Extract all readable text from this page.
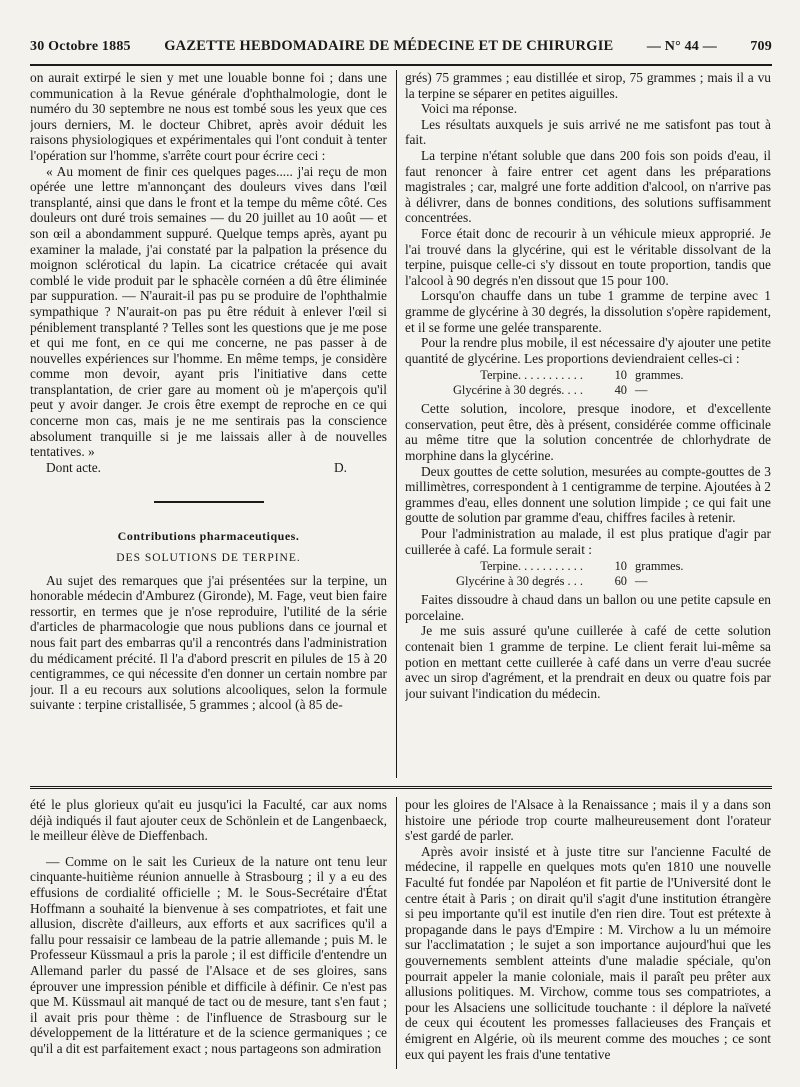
30 Octobre 1885 GAZETTE HEBDOMADAIRE DE MÉDECINE ET DE CHIRURGIE — N° 44 — 709

on aurait extirpé le sien y met une louable bonne foi ; dans une communication à la Revue générale d'ophthalmologie, dont le numéro du 30 septembre ne nous est tombé sous les yeux que ces jours derniers, M. le docteur Chibret, après avoir déduit les raisons physiologiques et expérimentales qui l'ont conduit à tenter l'opération sur l'homme, s'arrête court pour écrire ceci :

« Au moment de finir ces quelques pages..... j'ai reçu de mon opérée une lettre m'annonçant des douleurs vives dans l'œil transplanté, ainsi que dans le front et la tempe du même côté. Ces douleurs ont duré trois semaines — du 20 juillet au 10 août — et son œil a abondamment suppuré. Quelque temps après, ayant pu examiner la malade, j'ai constaté par la palpation la présence du moignon sclérotical du lapin. La cicatrice crétacée qui avait comblé le vide produit par le sphacèle cornéen a dû être éliminée par suppuration. — N'aurait-il pas pu se produire de l'ophthalmie sympathique ? N'aurait-on pas pu être réduit à enlever l'œil si péniblement transplanté ? Telles sont les questions que je me pose et qui me font, en ce qui me concerne, ne pas passer à de nouvelles expériences sur l'homme. En même temps, je considère comme mon devoir, ayant pris l'initiative dans cette transplantation, de crier gare au moment où je m'aperçois qu'il peut y avoir danger. Je crois être exempt de reproche en ce qui concerne mon cas, mais je ne me sentirais pas la conscience absolument tranquille si je me laissais aller à de nouvelles tentatives. »

Dont acte.	D.
Contributions pharmaceutiques.
DES SOLUTIONS DE TERPINE.

Au sujet des remarques que j'ai présentées sur la terpine, un honorable médecin d'Amburez (Gironde), M. Fage, veut bien faire ressortir, en termes que je n'ose reproduire, l'utilité de la série d'articles de pharmacologie que nous publions dans ce journal et nous fait part des embarras qu'il a rencontrés dans l'administration du médicament précité. Il l'a d'abord prescrit en pilules de 15 à 20 centigrammes, ce qui nécessite d'en donner un certain nombre par jour. Il a eu recours aux solutions alcooliques, selon la formule suivante : terpine cristallisée, 5 grammes ; alcool (à 85 de-

grés) 75 grammes ; eau distillée et sirop, 75 grammes ; mais il a vu la terpine se séparer en petites aiguilles.

Voici ma réponse.

Les résultats auxquels je suis arrivé ne me satisfont pas tout à fait.

La terpine n'étant soluble que dans 200 fois son poids d'eau, il faut renoncer à faire entrer cet agent dans les préparations magistrales ; car, malgré une forte addition d'alcool, on n'arrive pas à délivrer, dans de bonnes conditions, des solutions suffisamment concentrées.

Force était donc de recourir à un véhicule mieux approprié. Je l'ai trouvé dans la glycérine, qui est le véritable dissolvant de la terpine, puisque celle-ci s'y dissout en toute proportion, tandis que l'alcool à 90 degrés n'en dissout que 15 pour 100.

Lorsqu'on chauffe dans un tube 1 gramme de terpine avec 1 gramme de glycérine à 30 degrés, la dissolution s'opère rapidement, et il se forme une gelée transparente.

Pour la rendre plus mobile, il est nécessaire d'y ajouter une petite quantité de glycérine. Les proportions deviendraient celles-ci :

Terpine. . . . . . . . . . .	10 grammes.
Glycérine à 30 degrés. . . .	40 —

Cette solution, incolore, presque inodore, et d'excellente conservation, peut être, dès à présent, considérée comme officinale au même titre que la solution concentrée de chlorhydrate de morphine dans la glycérine.

Deux gouttes de cette solution, mesurées au compte-gouttes de 3 millimètres, correspondent à 1 centigramme de terpine. Ajoutées à 2 grammes d'eau, elles donnent une solution limpide ; ce qui fait une goutte de solution par gramme d'eau, chiffres faciles à retenir.

Pour l'administration au malade, il est plus pratique d'agir par cuillerée à café. La formule serait :

Terpine. . . . . . . . . . .	10 grammes.
Glycérine à 30 degrés . . .	60 —

Faites dissoudre à chaud dans un ballon ou une petite capsule en porcelaine.

Je me suis assuré qu'une cuillerée à café de cette solution contenait bien 1 gramme de terpine. Le client ferait lui-même sa potion en mettant cette cuillerée à café dans un verre d'eau sucrée avec un sirop d'agrément, et la prendrait en deux ou quatre fois par jour suivant l'indication du médecin.

été le plus glorieux qu'ait eu jusqu'ici la Faculté, car aux noms déjà indiqués il faut ajouter ceux de Schönlein et de Langenbaeck, le meilleur élève de Dieffenbach.

— Comme on le sait les Curieux de la nature ont tenu leur cinquante-huitième réunion annuelle à Strasbourg ; il y a eu des effusions de cordialité officielle ; M. le Sous-Secrétaire d'État Hoffmann a souhaité la bienvenue à ses compatriotes, et fait une allusion, discrète d'ailleurs, aux efforts et aux sacrifices qu'il a fallu pour ressaisir ce lambeau de la patrie allemande ; puis M. le Professeur Küssmaul a pris la parole ; il est difficile d'entendre un Allemand parler du passé de l'Alsace et de ses gloires, sans éprouver une impression pénible et difficile à définir. Ce n'est pas que M. Küssmaul ait manqué de tact ou de mesure, tant s'en faut ; il avait pris pour thème : de l'influence de Strasbourg sur le développement de la littérature et de la science germaniques ; ce qu'il a dit est parfaitement exact ; nous partageons son admiration

pour les gloires de l'Alsace à la Renaissance ; mais il y a dans son histoire une période trop courte malheureusement dont l'orateur s'est gardé de parler.

Après avoir insisté et à juste titre sur l'ancienne Faculté de médecine, il rappelle en quelques mots qu'en 1810 une nouvelle Faculté fut fondée par Napoléon et fit partie de l'Université dont le centre était à Paris ; on dirait qu'il s'agit d'une institution étrangère si peu importante qu'il est inutile d'en rien dire. Tout est prétexte à propagande dans le pays d'Empire : M. Virchow a lu un mémoire sur l'acclimatation ; le sujet a son importance aujourd'hui que les gouvernements semblent atteints d'une maladie spéciale, qu'on pourrait appeler la manie coloniale, mais il paraît peu prêter aux allusions politiques. M. Virchow, comme tous ses compatriotes, a pour les Alsaciens une sollicitude touchante : il déplore la naïveté de ceux qui écoutent les promesses fallacieuses des Français et émigrent en Algérie, où ils meurent comme des mouches ; ce sont eux qui payent les frais d'une tentative
